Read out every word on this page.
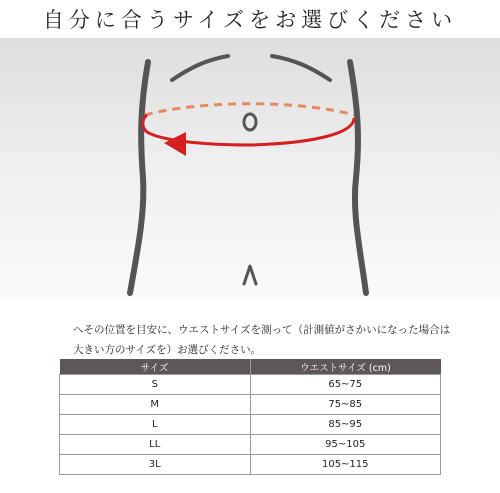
自分に合うサイズをお選びください
へその位置を目安に、ウエストサイズを測って（計測値がさかいになった場合は大きい方のサイズを）お選びください。
サイズ	ウエストサイズ (cm)
S	65~75
M	75~85
L	85~95
LL	95~105
3L	105~115
